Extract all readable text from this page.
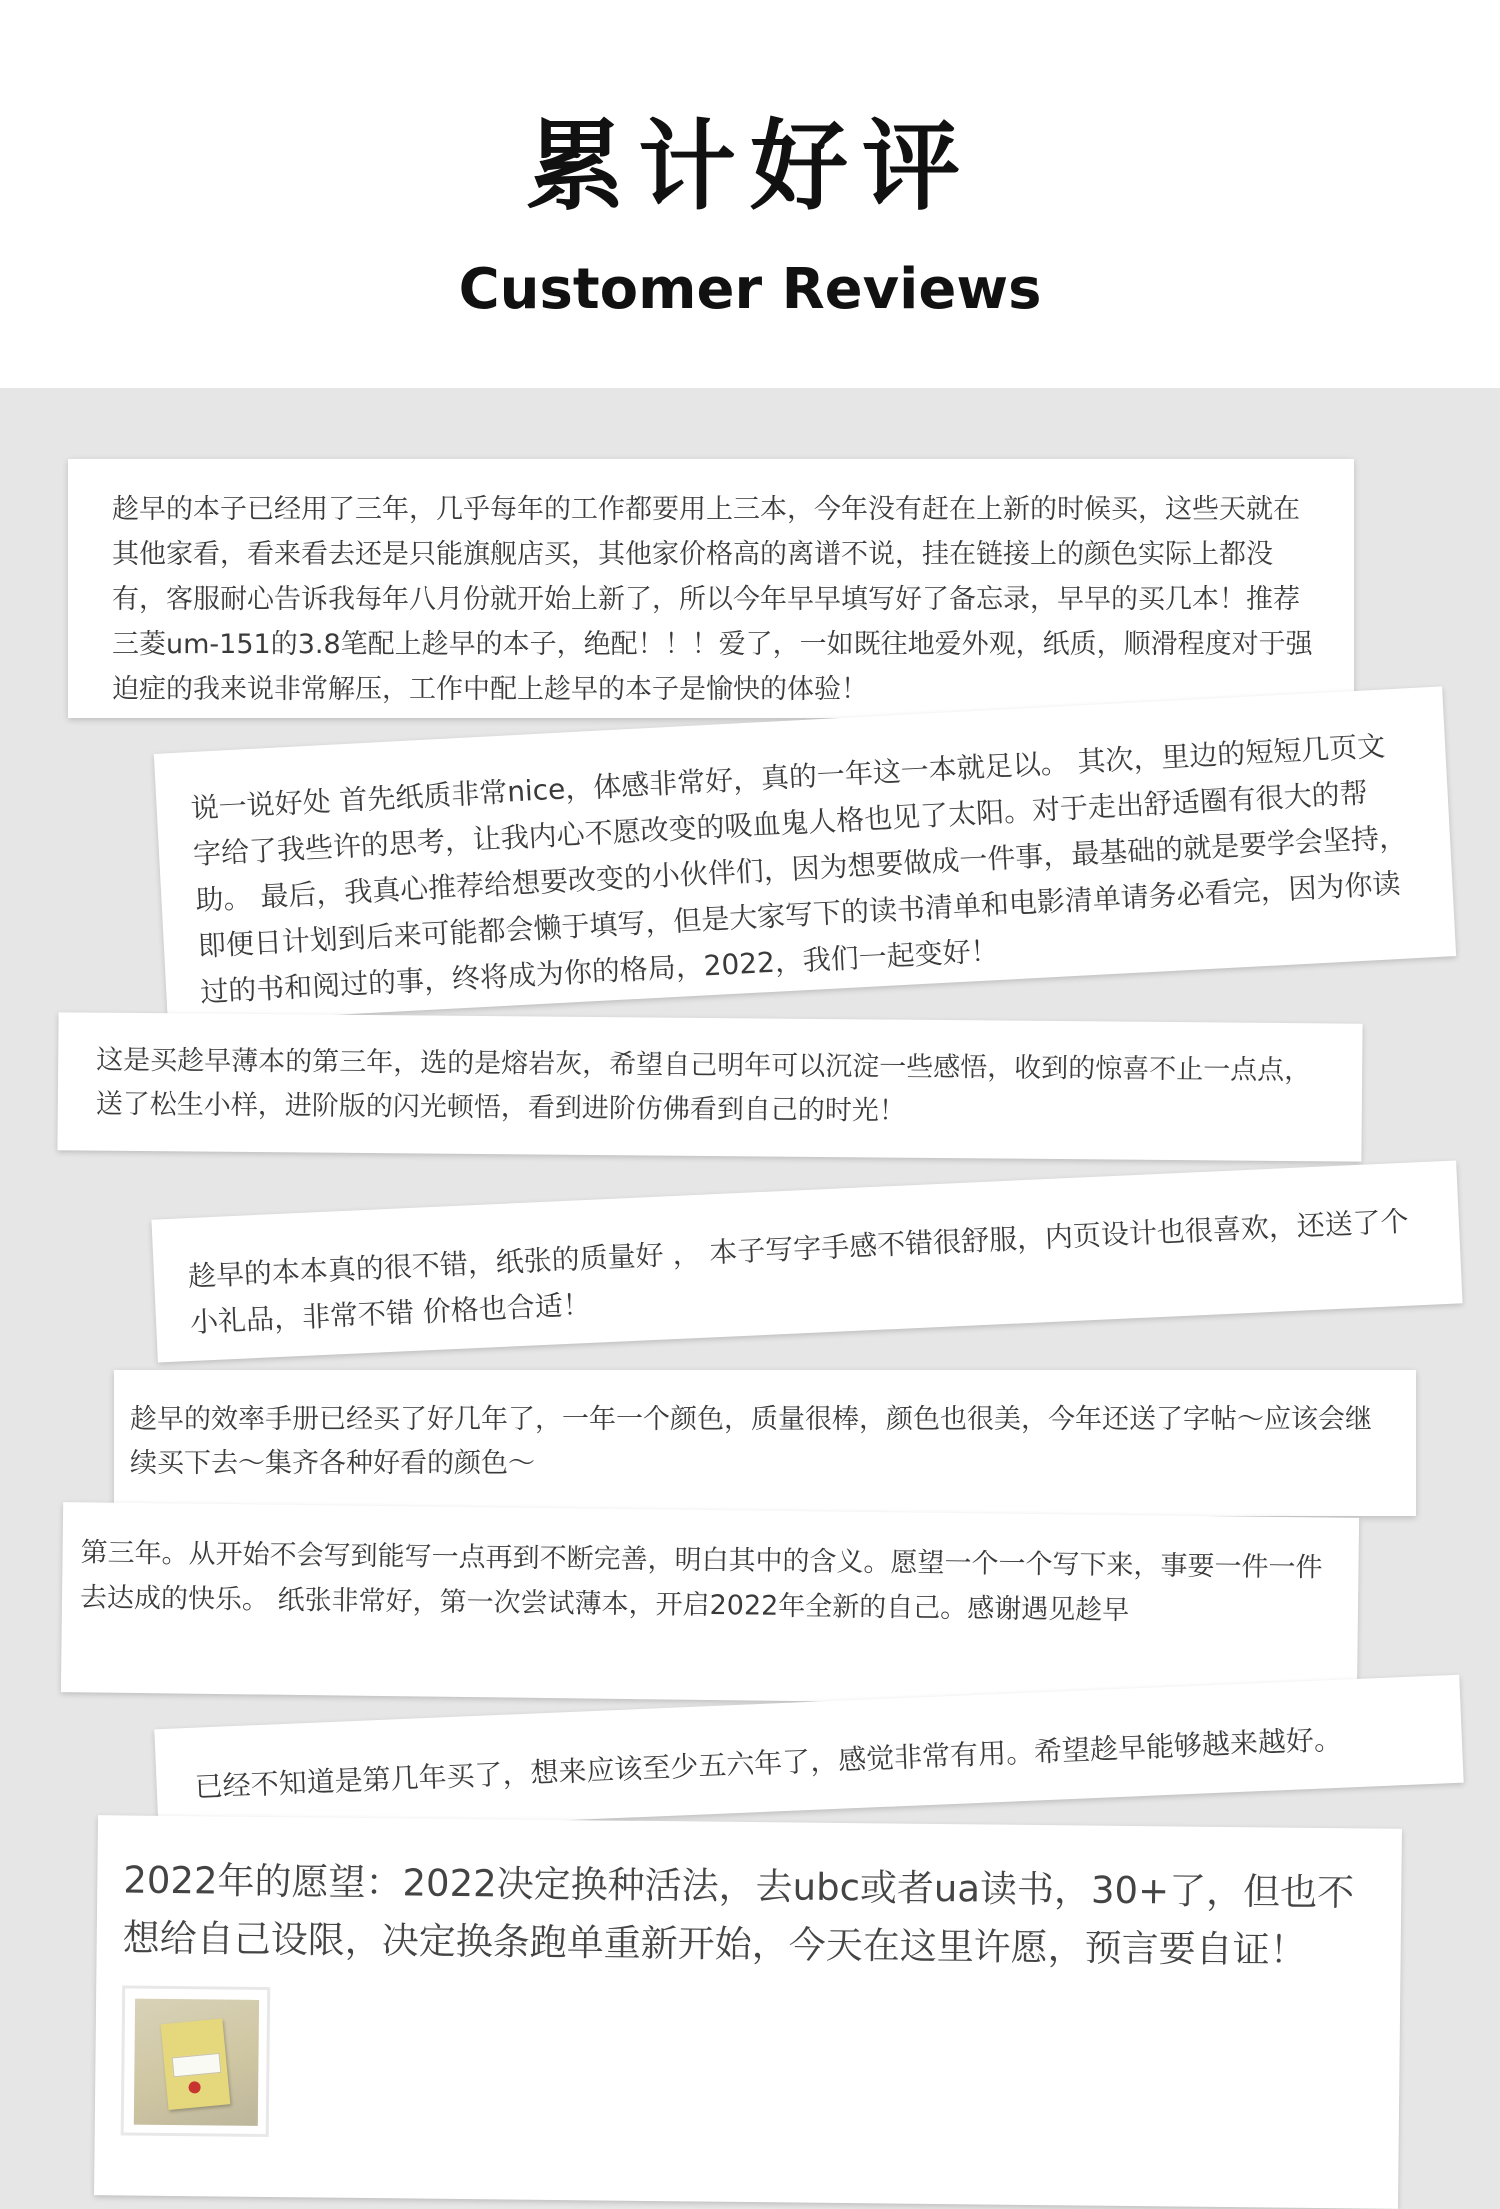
累计好评
Customer Reviews

趁早的本子已经用了三年，几乎每年的工作都要用上三本，今年没有赶在上新的时候买，这些天就在其他家看，看来看去还是只能旗舰店买，其他家价格高的离谱不说，挂在链接上的颜色实际上都没有，客服耐心告诉我每年八月份就开始上新了，所以今年早早填写好了备忘录，早早的买几本！推荐三菱um-151的3.8笔配上趁早的本子，绝配！！！爱了，一如既往地爱外观，纸质，顺滑程度对于强迫症的我来说非常解压，工作中配上趁早的本子是愉快的体验！

说一说好处 首先纸质非常nice，体感非常好，真的一年这一本就足以。 其次，里边的短短几页文字给了我些许的思考，让我内心不愿改变的吸血鬼人格也见了太阳。对于走出舒适圈有很大的帮助。 最后，我真心推荐给想要改变的小伙伴们，因为想要做成一件事，最基础的就是要学会坚持，即便日计划到后来可能都会懒于填写，但是大家写下的读书清单和电影清单请务必看完，因为你读过的书和阅过的事，终将成为你的格局，2022，我们一起变好！

这是买趁早薄本的第三年，选的是熔岩灰，希望自己明年可以沉淀一些感悟，收到的惊喜不止一点点，送了松生小样，进阶版的闪光顿悟，看到进阶仿佛看到自己的时光！

趁早的本本真的很不错，纸张的质量好 ， 本子写字手感不错很舒服，内页设计也很喜欢，还送了个小礼品，非常不错 价格也合适！

趁早的效率手册已经买了好几年了，一年一个颜色，质量很棒，颜色也很美，今年还送了字帖～应该会继续买下去～集齐各种好看的颜色～

第三年。从开始不会写到能写一点再到不断完善，明白其中的含义。愿望一个一个写下来，事要一件一件去达成的快乐。 纸张非常好，第一次尝试薄本，开启2022年全新的自己。感谢遇见趁早

已经不知道是第几年买了，想来应该至少五六年了，感觉非常有用。希望趁早能够越来越好。

2022年的愿望：2022决定换种活法，去ubc或者ua读书，30+了，但也不想给自己设限，决定换条跑单重新开始，今天在这里许愿，预言要自证！
